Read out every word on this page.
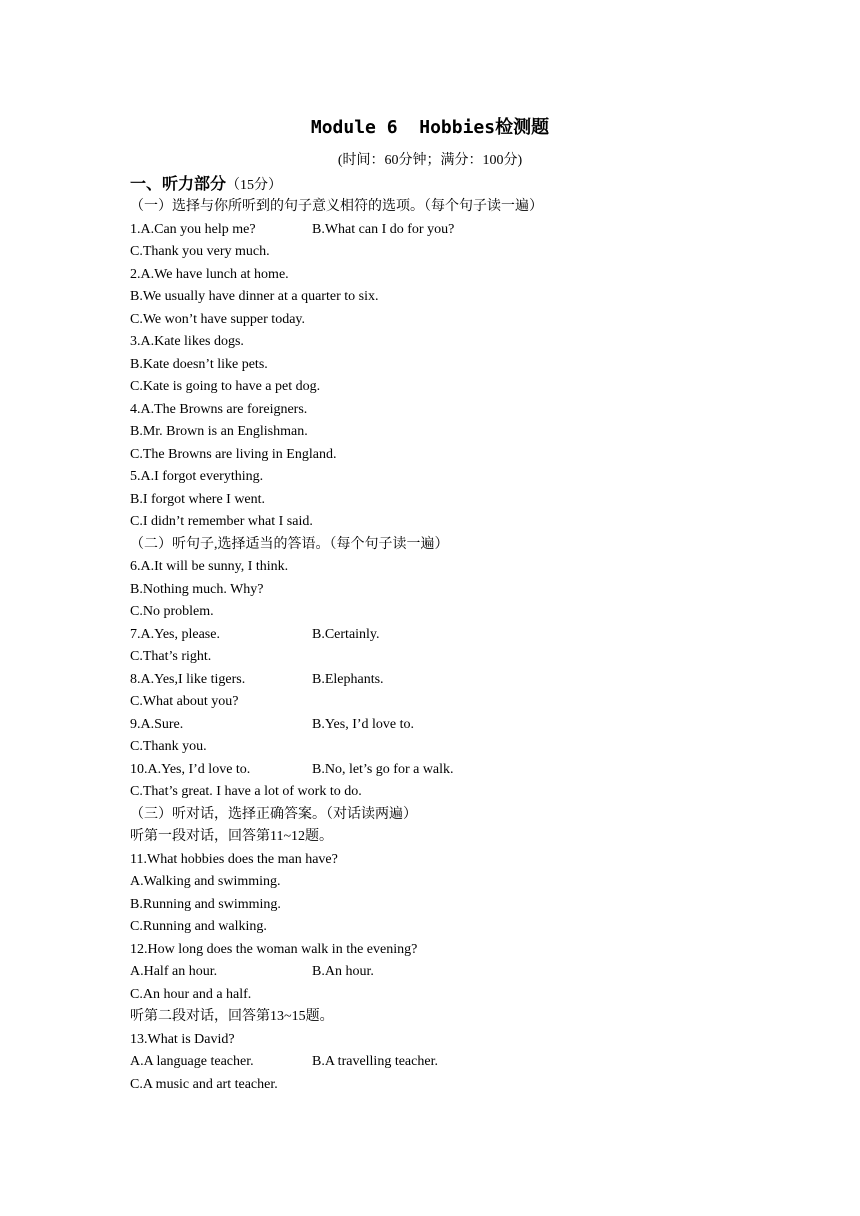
Module 6  Hobbies检测题
(时间：60分钟；满分：100分)
一、听力部分（15分）
（一）选择与你所听到的句子意义相符的选项。（每个句子读一遍）
1.A.Can you help me?	B.What can I do for you?
C.Thank you very much.
2.A.We have lunch at home.
B.We usually have dinner at a quarter to six.
C.We won’t have supper today.
3.A.Kate likes dogs.
B.Kate doesn’t like pets.
C.Kate is going to have a pet dog.
4.A.The Browns are foreigners.
B.Mr. Brown is an Englishman.
C.The Browns are living in England.
5.A.I forgot everything.
B.I forgot where I went.
C.I didn’t remember what I said.
（二）听句子,选择适当的答语。（每个句子读一遍）
6.A.It will be sunny, I think.
B.Nothing much. Why?
C.No problem.
7.A.Yes, please.	B.Certainly.
C.That’s right.
8.A.Yes,I like tigers.	B.Elephants.
C.What about you?
9.A.Sure.	B.Yes, I’d love to.
C.Thank you.
10.A.Yes, I’d love to.	B.No, let’s go for a walk.
C.That’s great. I have a lot of work to do.
（三）听对话，选择正确答案。（对话读两遍）
听第一段对话，回答第11~12题。
11.What hobbies does the man have?
A.Walking and swimming.
B.Running and swimming.
C.Running and walking.
12.How long does the woman walk in the evening?
A.Half an hour.	B.An hour.
C.An hour and a half.
听第二段对话，回答第13~15题。
13.What is David?
A.A language teacher.	B.A travelling teacher.
C.A music and art teacher.
